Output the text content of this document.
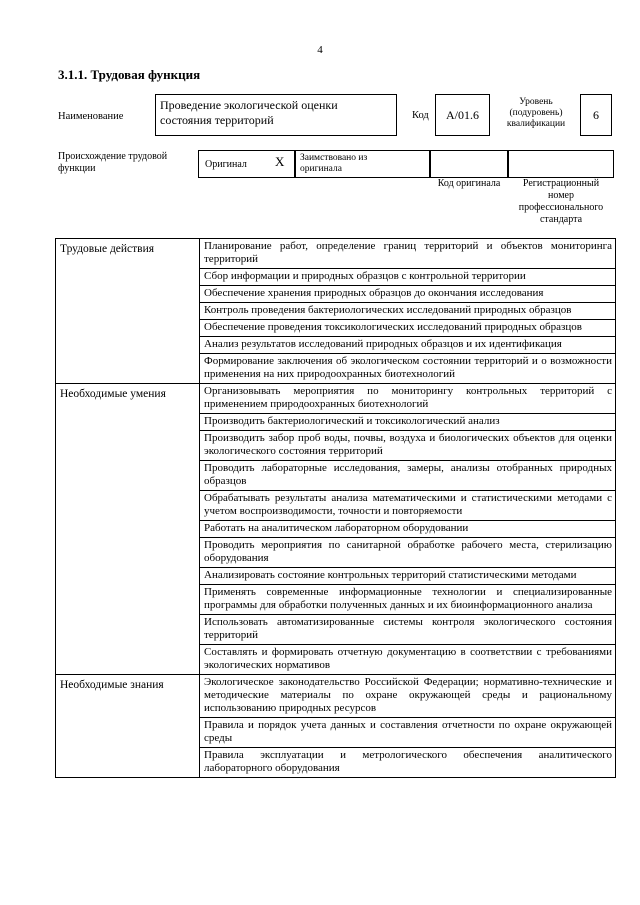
4
3.1.1. Трудовая функция
Наименование
Проведение экологической оценки состояния территорий	Код	А/01.6
Уровень
(подуровень)
квалификации
6
Происхождение трудовой
функции	Оригинал X Заимствовано из
оригинала
Код оригинала	Регистрационный
номер
профессионального
стандарта
Трудовые действия	Планирование работ, определение границ территорий и объектов мониторинга территорий
	Сбор информации и природных образцов с контрольной территории
	Обеспечение хранения природных образцов до окончания исследования
	Контроль проведения бактериологических исследований природных образцов
	Обеспечение проведения токсикологических исследований природных образцов
	Анализ результатов исследований природных образцов и их идентификация
	Формирование заключения об экологическом состоянии территорий и о возможности применения на них природоохранных биотехнологий
Необходимые умения	Организовывать мероприятия по мониторингу контрольных территорий с применением природоохранных биотехнологий
	Производить бактериологический и токсикологический анализ
	Производить забор проб воды, почвы, воздуха и биологических объектов для оценки экологического состояния территорий
	Проводить лабораторные исследования, замеры, анализы отобранных природных образцов
	Обрабатывать результаты анализа математическими и статистическими методами с учетом воспроизводимости, точности и повторяемости
	Работать на аналитическом лабораторном оборудовании
	Проводить мероприятия по санитарной обработке рабочего места, стерилизацию оборудования
	Анализировать состояние контрольных территорий статистическими методами
	Применять современные информационные технологии и специализированные программы для обработки полученных данных и их биоинформационного анализа
	Использовать автоматизированные системы контроля экологического состояния территорий
	Составлять и формировать отчетную документацию в соответствии с требованиями экологических нормативов
Необходимые знания	Экологическое законодательство Российской Федерации; нормативно-технические и методические материалы по охране окружающей среды и рациональному использованию природных ресурсов
	Правила и порядок учета данных и составления отчетности по охране окружающей среды
	Правила эксплуатации и метрологического обеспечения аналитического лабораторного оборудования
